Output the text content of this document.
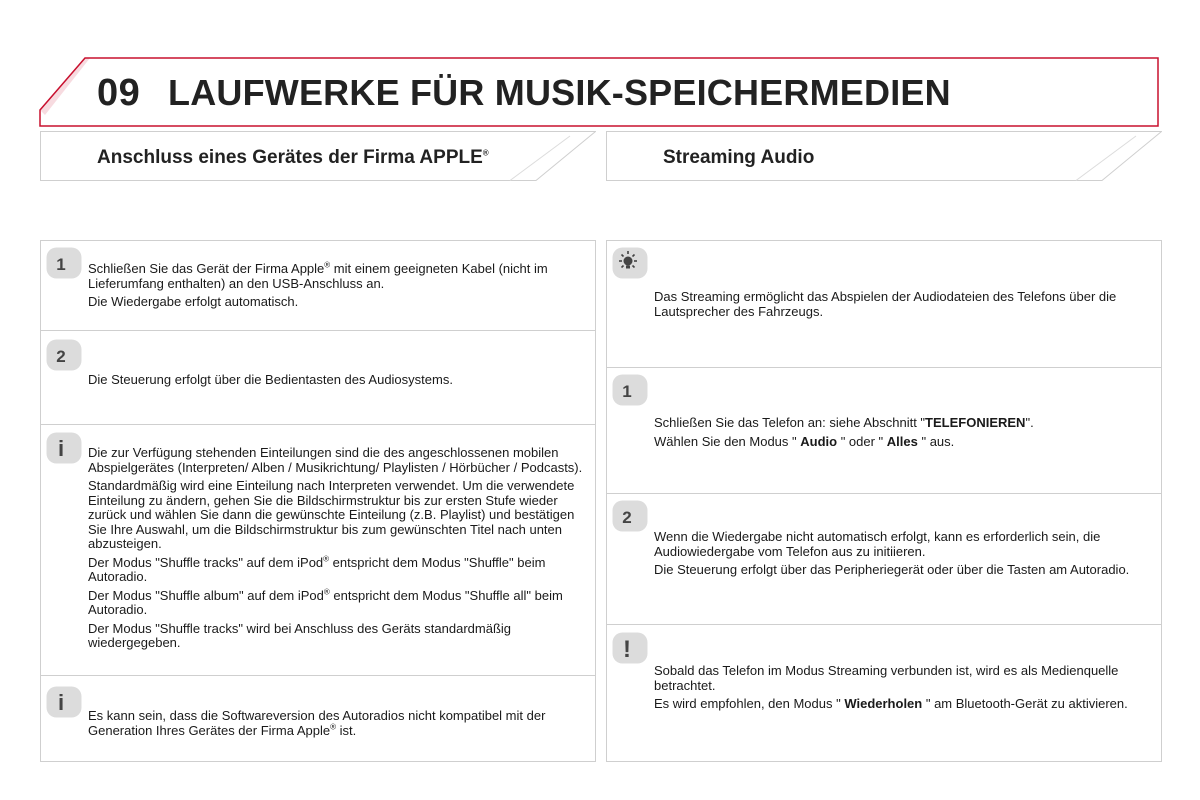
09 LAUFWERKE FÜR MUSIK-SPEICHERMEDIEN
Anschluss eines Gerätes der Firma APPLE®	Streaming Audio
1 Schließen Sie das Gerät der Firma Apple® mit einem geeigneten Kabel (nicht im Lieferumfang enthalten) an den USB-Anschluss an.

Die Wiedergabe erfolgt automatisch.

2

Die Steuerung erfolgt über die Bedientasten des Audiosystems.

i Die zur Verfügung stehenden Einteilungen sind die des angeschlossenen mobilen Abspielgerätes (Interpreten/ Alben / Musikrichtung/ Playlisten / Hörbücher / Podcasts).

Standardmäßig wird eine Einteilung nach Interpreten verwendet. Um die verwendete Einteilung zu ändern, gehen Sie die Bildschirmstruktur bis zur ersten Stufe wieder zurück und wählen Sie dann die gewünschte Einteilung (z.B. Playlist) und bestätigen Sie Ihre Auswahl, um die Bildschirmstruktur bis zum gewünschten Titel nach unten abzusteigen.

Der Modus "Shuffle tracks" auf dem iPod® entspricht dem Modus "Shuffle" beim Autoradio.

Der Modus "Shuffle album" auf dem iPod® entspricht dem Modus "Shuffle all" beim Autoradio.

Der Modus "Shuffle tracks" wird bei Anschluss des Geräts standardmäßig wiedergegeben.

i

Es kann sein, dass die Softwareversion des Autoradios nicht kompatibel mit der Generation Ihres Gerätes der Firma Apple® ist.

Das Streaming ermöglicht das Abspielen der Audiodateien des Telefons über die Lautsprecher des Fahrzeugs.

1

Schließen Sie das Telefon an: siehe Abschnitt "TELEFONIEREN".

Wählen Sie den Modus " Audio " oder " Alles " aus.

2

Wenn die Wiedergabe nicht automatisch erfolgt, kann es erforderlich sein, die Audiowiedergabe vom Telefon aus zu initiieren.

Die Steuerung erfolgt über das Peripheriegerät oder über die Tasten am Autoradio.

!

Sobald das Telefon im Modus Streaming verbunden ist, wird es als Medienquelle betrachtet.

Es wird empfohlen, den Modus " Wiederholen " am Bluetooth-Gerät zu aktivieren.
